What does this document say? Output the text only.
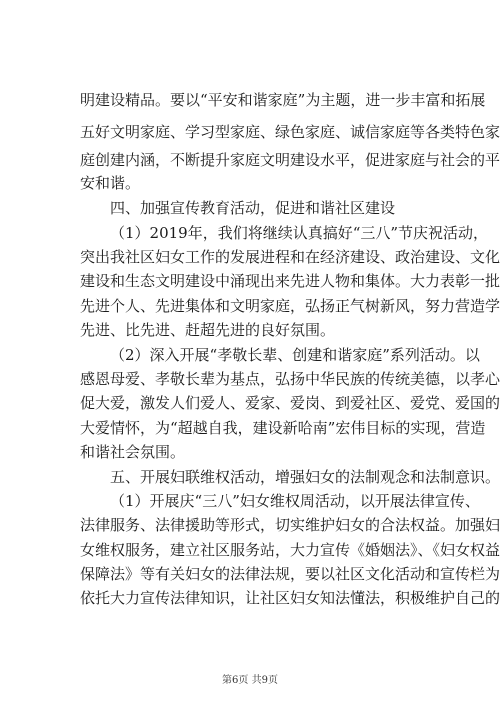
明建设精品。要以“平安和谐家庭”为主题，进一步丰富和拓展
五好文明家庭、学习型家庭、绿色家庭、诚信家庭等各类特色家
庭创建内涵，不断提升家庭文明建设水平，促进家庭与社会的平
安和谐。
四、加强宣传教育活动，促进和谐社区建设
（1）2019年，我们将继续认真搞好“三八”节庆祝活动，
突出我社区妇女工作的发展进程和在经济建设、政治建设、文化
建设和生态文明建设中涌现出来先进人物和集体。大力表彰一批
先进个人、先进集体和文明家庭，弘扬正气树新风，努力营造学
先进、比先进、赶超先进的良好氛围。
（2）深入开展“孝敬长辈、创建和谐家庭”系列活动。以
感恩母爱、孝敬长辈为基点，弘扬中华民族的传统美德，以孝心
促大爱，激发人们爱人、爱家、爱岗、到爱社区、爱党、爱国的
大爱情怀，为“超越自我，建设新哈南”宏伟目标的实现，营造
和谐社会氛围。
五、开展妇联维权活动，增强妇女的法制观念和法制意识。
（1）开展庆“三八”妇女维权周活动，以开展法律宣传、
法律服务、法律援助等形式，切实维护妇女的合法权益。加强妇
女维权服务，建立社区服务站，大力宣传《婚姻法》、《妇女权益
保障法》等有关妇女的法律法规，要以社区文化活动和宣传栏为
依托大力宣传法律知识，让社区妇女知法懂法，积极维护自己的
第6页 共9页
